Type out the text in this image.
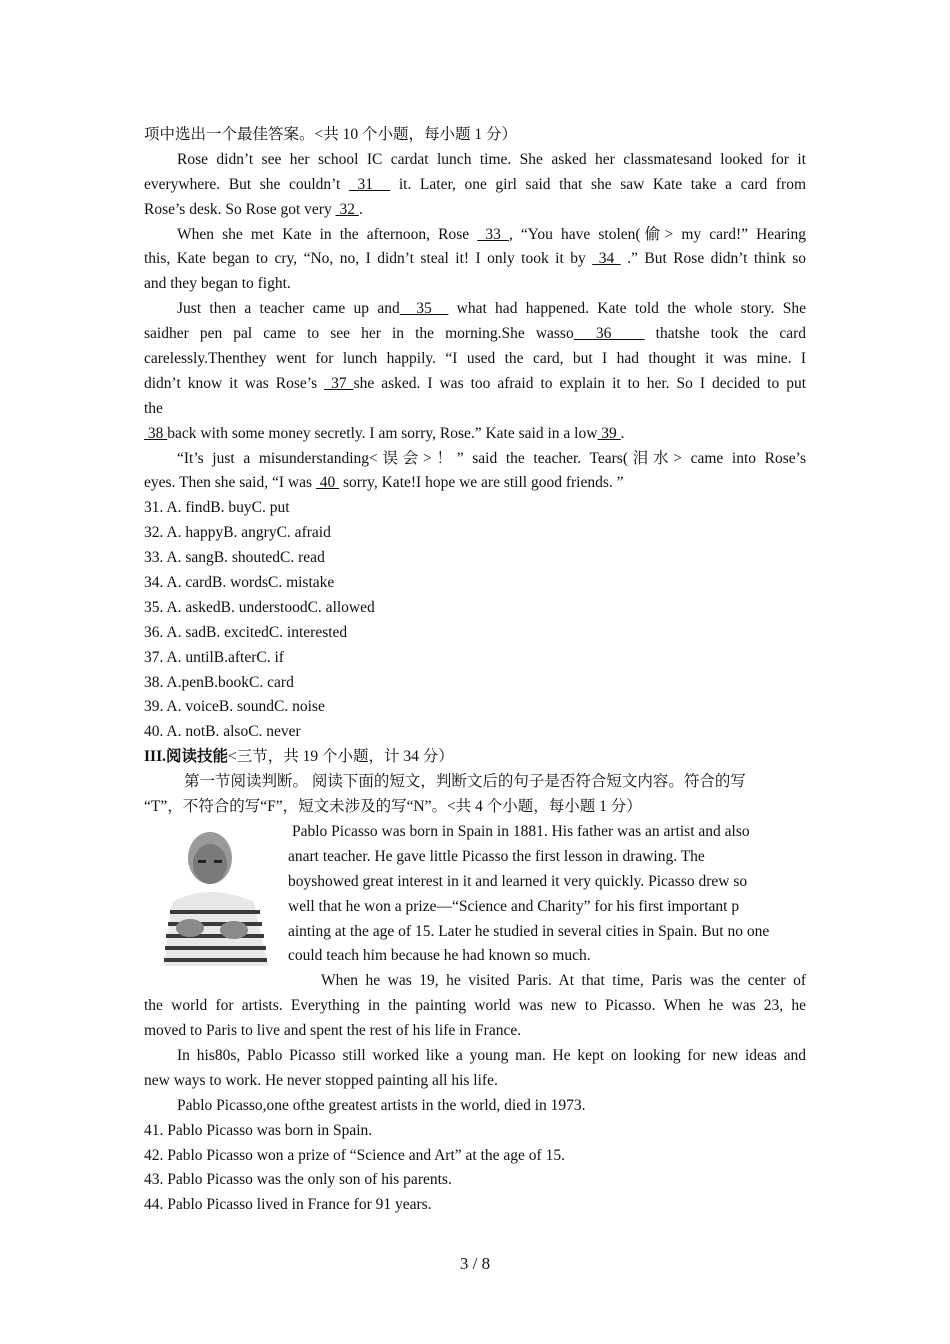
项中选出一个最佳答案。<共 10 个小题，每小题 1 分）
Rose didn’t see her school IC cardat lunch time. She asked her classmatesand looked for it
everywhere. But she couldn’t  31   it. Later, one girl said that she saw Kate take a card from
Rose’s desk. So Rose got very  32 .
When she met Kate in the afternoon, Rose  33 , “You have stolen(偷> my card!” Hearing
this, Kate began to cry, “No, no, I didn’t steal it! I only took it by  34  .” But Rose didn’t think so
and they began to fight.
Just then a teacher came up and  35   what had happened. Kate told the whole story. She
saidher pen pal came to see her in the morning.She wasso  36    thatshe took the card
carelessly.Thenthey went for lunch happily. “I used the card, but I had thought it was mine. I
didn’t know it was Rose’s  37 she asked. I was too afraid to explain it to her. So I decided to put
the
38 back with some money secretly. I am sorry, Rose.” Kate said in a low 39 .
“It’s just a misunderstanding<误会>！” said the teacher. Tears(泪水> came into Rose’s
eyes. Then she said, “I was  40  sorry, Kate!I hope we are still good friends. ”
31. A. findB. buyC. put
32. A. happyB. angryC. afraid
33. A. sangB. shoutedC. read
34. A. cardB. wordsC. mistake
35. A. askedB. understoodC. allowed
36. A. sadB. excitedC. interested
37. A. untilB.afterC. if
38. A.penB.bookC. card
39. A. voiceB. soundC. noise
40. A. notB. alsoC. never
III.阅读技能<三节，共 19 个小题，计 34 分）
第一节阅读判断。 阅读下面的短文，判断文后的句子是否符合短文内容。符合的写
“T”，不符合的写“F”，短文未涉及的写“N”。<共 4 个小题，每小题 1 分）
Pablo Picasso was born in Spain in 1881. His father was an artist and also
anart teacher. He gave little Picasso the first lesson in drawing. The
boyshowed great interest in it and learned it very quickly. Picasso drew so
well that he won a prize—“Science and Charity” for his first important p
ainting at the age of 15. Later he studied in several cities in Spain. But no one
could teach him because he had known so much.
When he was 19, he visited Paris. At that time, Paris was the center of
the world for artists. Everything in the painting world was new to Picasso. When he was 23, he
moved to Paris to live and spent the rest of his life in France.
In his80s, Pablo Picasso still worked like a young man. He kept on looking for new ideas and
new ways to work. He never stopped painting all his life.
Pablo Picasso,one ofthe greatest artists in the world, died in 1973.
41. Pablo Picasso was born in Spain.
42. Pablo Picasso won a prize of “Science and Art” at the age of 15.
43. Pablo Picasso was the only son of his parents.
44. Pablo Picasso lived in France for 91 years.
3 / 8
